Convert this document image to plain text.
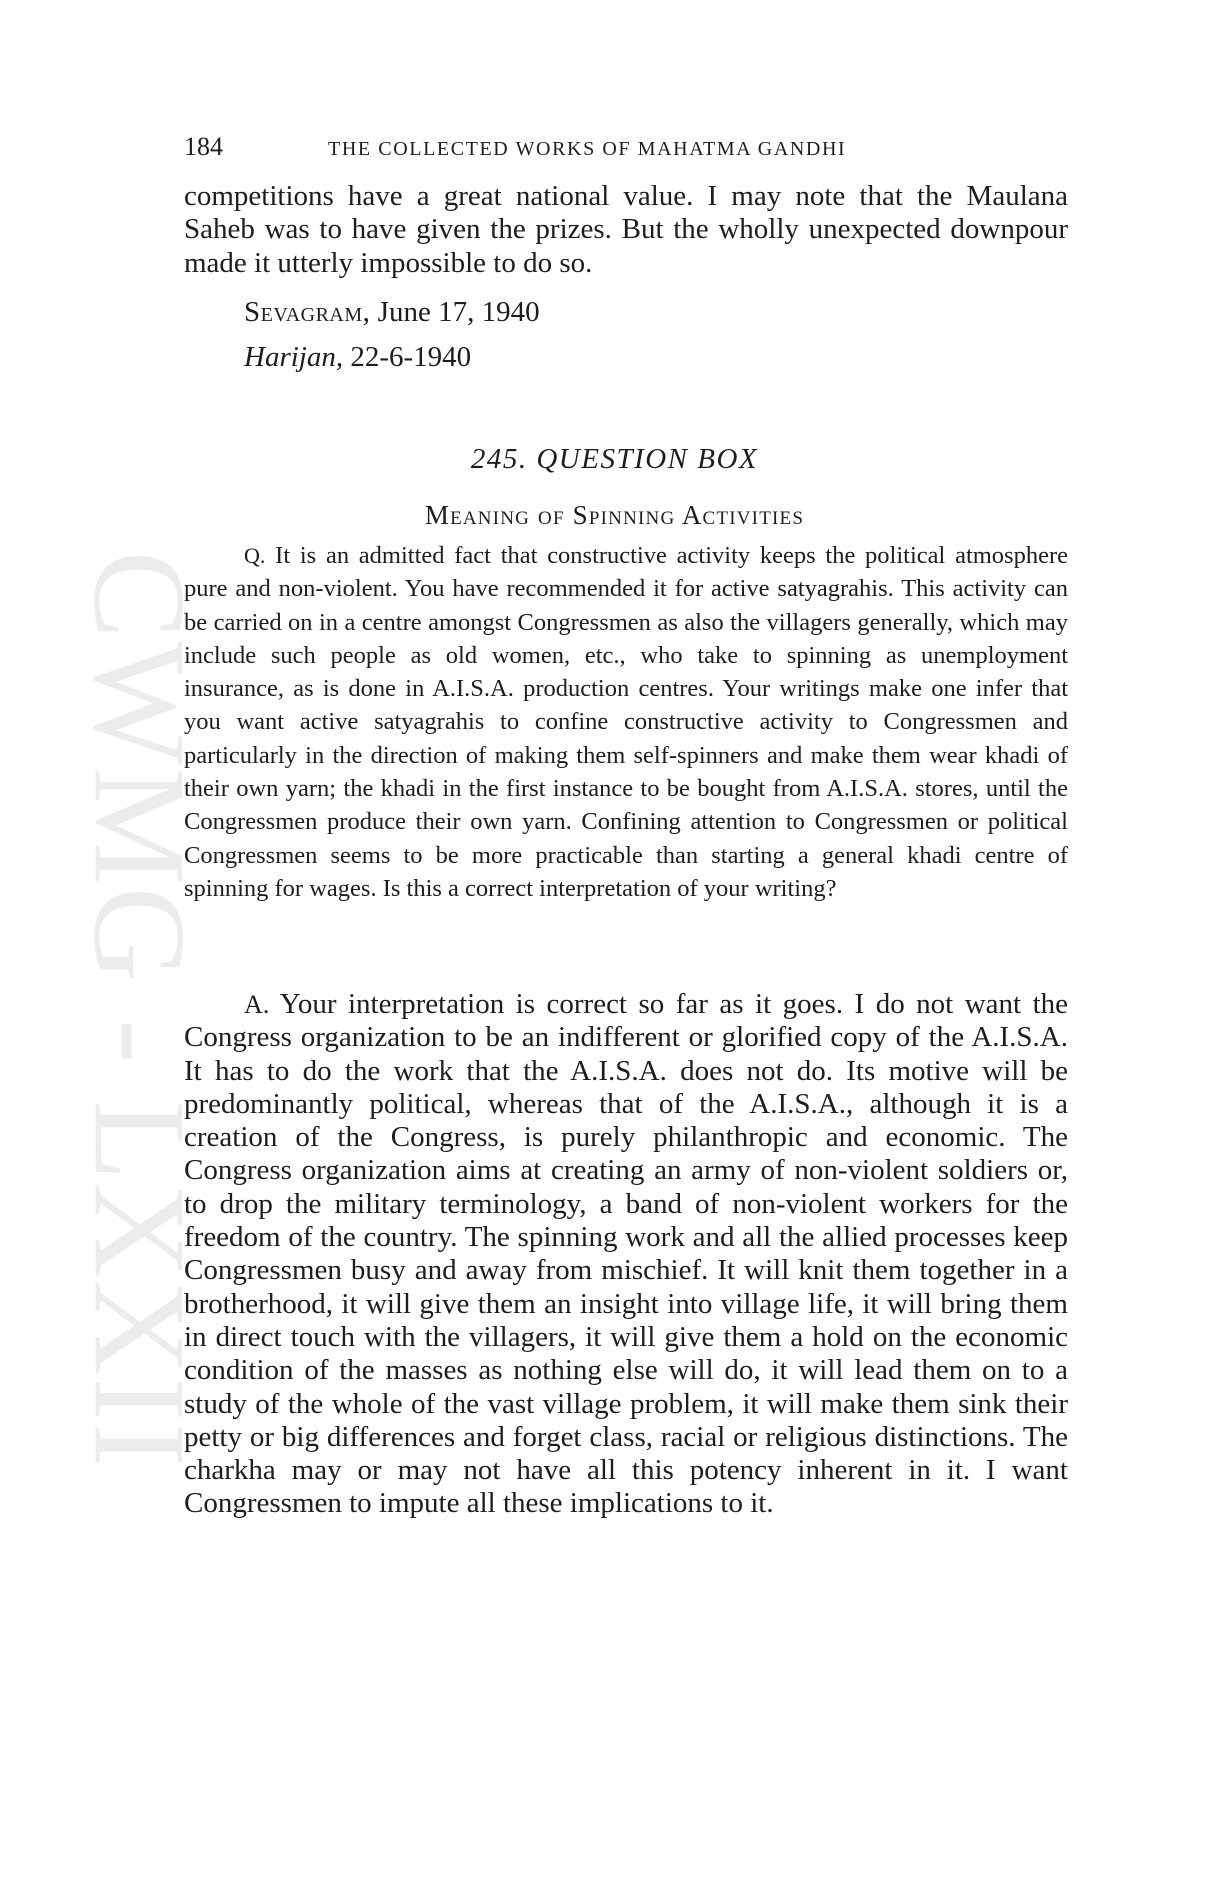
CWMG - LXXII
184	THE COLLECTED WORKS OF MAHATMA GANDHI

competitions have a great national value. I may note that the Maulana Saheb was to have given the prizes. But the wholly unexpected downpour made it utterly impossible to do so.

Sevagram, June 17, 1940
Harijan, 22-6-1940
245. QUESTION BOX
Meaning of Spinning Activities

Q. It is an admitted fact that constructive activity keeps the political atmosphere pure and non-violent. You have recommended it for active satyagrahis. This activity can be carried on in a centre amongst Congressmen as also the villagers generally, which may include such people as old women, etc., who take to spinning as unemployment insurance, as is done in A.I.S.A. production centres. Your writings make one infer that you want active satyagrahis to confine constructive activity to Congressmen and particularly in the direction of making them self-spinners and make them wear khadi of their own yarn; the khadi in the first instance to be bought from A.I.S.A. stores, until the Congressmen produce their own yarn. Confining attention to Congressmen or political Congressmen seems to be more practicable than starting a general khadi centre of spinning for wages. Is this a correct interpretation of your writing?

A. Your interpretation is correct so far as it goes. I do not want the Congress organization to be an indifferent or glorified copy of the A.I.S.A. It has to do the work that the A.I.S.A. does not do. Its motive will be predominantly political, whereas that of the A.I.S.A., although it is a creation of the Congress, is purely philanthropic and economic. The Congress organization aims at creating an army of non-violent soldiers or, to drop the military terminology, a band of non-violent workers for the freedom of the country. The spinning work and all the allied processes keep Congressmen busy and away from mischief. It will knit them together in a brotherhood, it will give them an insight into village life, it will bring them in direct touch with the villagers, it will give them a hold on the economic condition of the masses as nothing else will do, it will lead them on to a study of the whole of the vast village problem, it will make them sink their petty or big differences and forget class, racial or religious distinctions. The charkha may or may not have all this potency inherent in it. I want Congressmen to impute all these implications to it.
